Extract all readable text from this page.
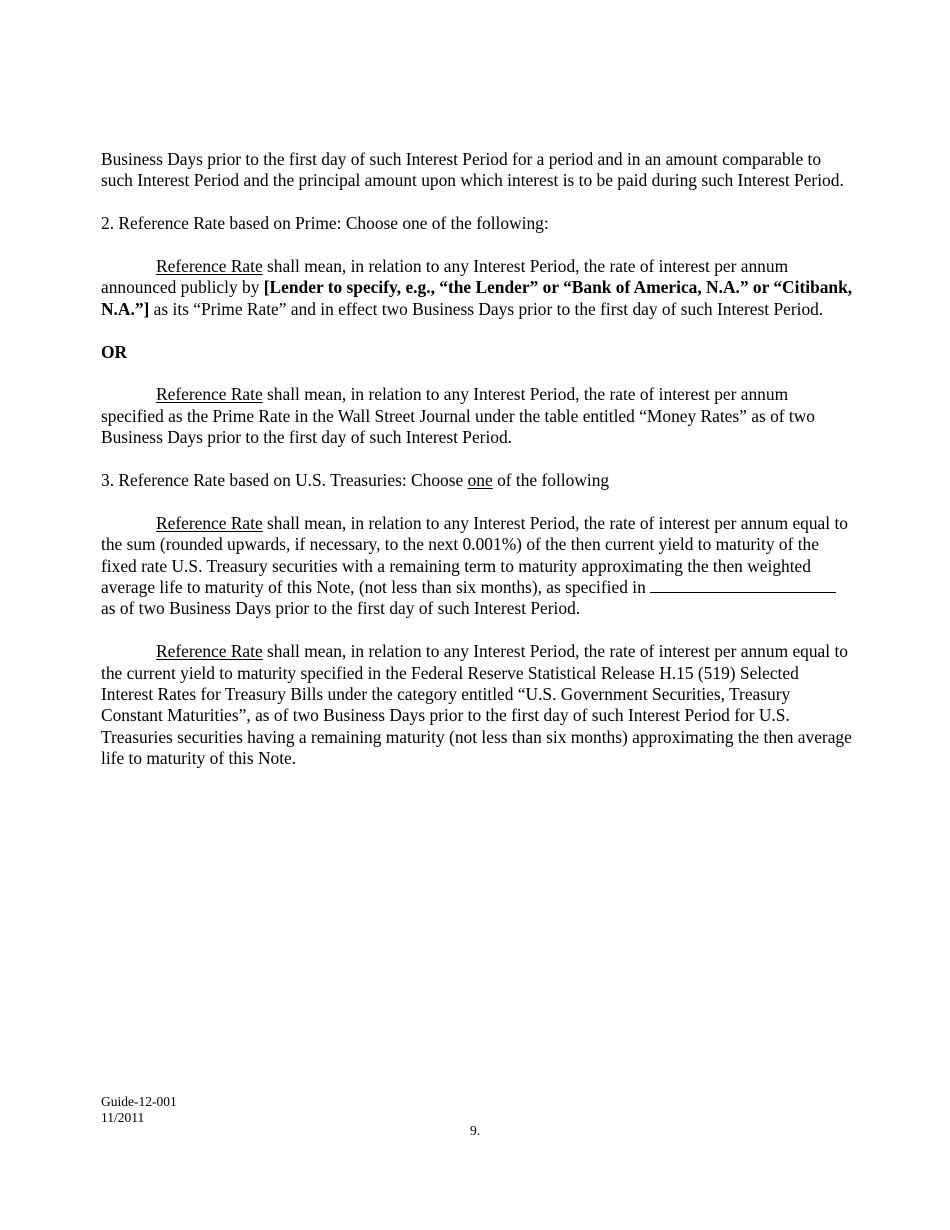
Business Days prior to the first day of such Interest Period for a period and in an amount comparable to such Interest Period and the principal amount upon which interest is to be paid during such Interest Period.

2. Reference Rate based on Prime: Choose one of the following:

Reference Rate shall mean, in relation to any Interest Period, the rate of interest per annum announced publicly by [Lender to specify, e.g., “the Lender” or “Bank of America, N.A.” or “Citibank, N.A.”] as its “Prime Rate” and in effect two Business Days prior to the first day of such Interest Period.

OR

Reference Rate shall mean, in relation to any Interest Period, the rate of interest per annum specified as the Prime Rate in the Wall Street Journal under the table entitled “Money Rates” as of two Business Days prior to the first day of such Interest Period.

3. Reference Rate based on U.S. Treasuries: Choose one of the following

Reference Rate shall mean, in relation to any Interest Period, the rate of interest per annum equal to the sum (rounded upwards, if necessary, to the next 0.001%) of the then current yield to maturity of the fixed rate U.S. Treasury securities with a remaining term to maturity approximating the then weighted average life to maturity of this Note, (not less than six months), as specified in  as of two Business Days prior to the first day of such Interest Period.

Reference Rate shall mean, in relation to any Interest Period, the rate of interest per annum equal to the current yield to maturity specified in the Federal Reserve Statistical Release H.15 (519) Selected Interest Rates for Treasury Bills under the category entitled “U.S. Government Securities, Treasury Constant Maturities”, as of two Business Days prior to the first day of such Interest Period for U.S. Treasuries securities having a remaining maturity (not less than six months) approximating the then average life to maturity of this Note.

Guide-12-001
11/2011
9.
